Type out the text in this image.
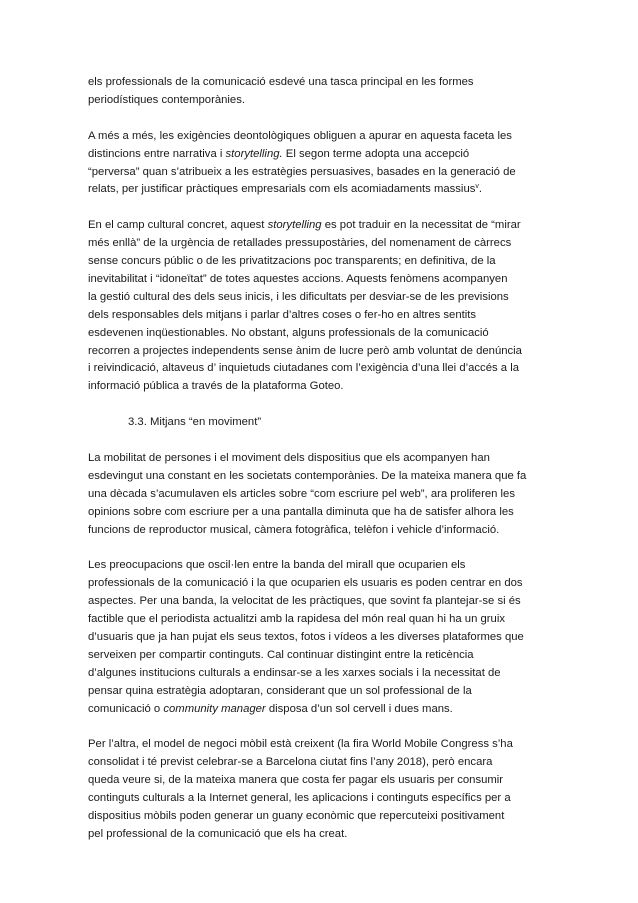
els professionals de la comunicació esdevé una tasca principal en les formes
periodístiques contemporànies.

A més a més, les exigències deontològiques obliguen a apurar en aquesta faceta les
distincions entre narrativa i storytelling. El segon terme adopta una accepció
“perversa” quan s’atribueix a les estratègies persuasives, basades en la generació de
relats, per justificar pràctiques empresarials com els acomiadaments massius$^v$.

En el camp cultural concret, aquest storytelling es pot traduir en la necessitat de “mirar
més enllà” de la urgència de retallades pressupostàries, del nomenament de càrrecs
sense concurs públic o de les privatitzacions poc transparents; en definitiva, de la
inevitabilitat i “idoneïtat” de totes aquestes accions. Aquests fenòmens acompanyen
la gestió cultural des dels seus inicis, i les dificultats per desviar-se de les previsions
dels responsables dels mitjans i parlar d’altres coses o fer-ho en altres sentits
esdevenen inqüestionables. No obstant, alguns professionals de la comunicació
recorren a projectes independents sense ànim de lucre però amb voluntat de denúncia
i reivindicació, altaveus d’ inquietuds ciutadanes com l’exigència d’una llei d’accés a la
informació pública a través de la plataforma Goteo.

3.3. Mitjans “en moviment”

La mobilitat de persones i el moviment dels dispositius que els acompanyen han
esdevingut una constant en les societats contemporànies. De la mateixa manera que fa
una dècada s’acumulaven els articles sobre “com escriure pel web”, ara proliferen les
opinions sobre com escriure per a una pantalla diminuta que ha de satisfer alhora les
funcions de reproductor musical, càmera fotogràfica, telèfon i vehicle d’informació.

Les preocupacions que oscil·len entre la banda del mirall que ocuparien els
professionals de la comunicació i la que ocuparien els usuaris es poden centrar en dos
aspectes. Per una banda, la velocitat de les pràctiques, que sovint fa plantejar-se si és
factible que el periodista actualitzi amb la rapidesa del món real quan hi ha un gruix
d’usuaris que ja han pujat els seus textos, fotos i vídeos a les diverses plataformes que
serveixen per compartir continguts. Cal continuar distingint entre la reticència
d’algunes institucions culturals a endinsar-se a les xarxes socials i la necessitat de
pensar quina estratègia adoptaran, considerant que un sol professional de la
comunicació o community manager disposa d’un sol cervell i dues mans.

Per l’altra, el model de negoci mòbil està creixent (la fira World Mobile Congress s’ha
consolidat i té previst celebrar-se a Barcelona ciutat fins l’any 2018), però encara
queda veure si, de la mateixa manera que costa fer pagar els usuaris per consumir
continguts culturals a la Internet general, les aplicacions i continguts específics per a
dispositius mòbils poden generar un guany econòmic que repercuteixi positivament
pel professional de la comunicació que els ha creat.
